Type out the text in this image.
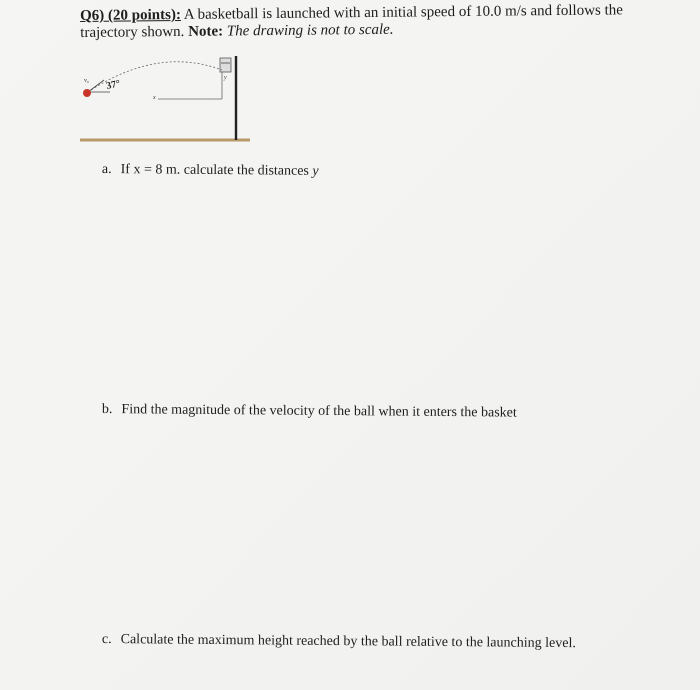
Q6) (20 points): A basketball is launched with an initial speed of 10.0 m/s and follows the trajectory shown. Note: The drawing is not to scale.
v₀ 37°
x
y
a. If x = 8 m. calculate the distances y
b. Find the magnitude of the velocity of the ball when it enters the basket
c. Calculate the maximum height reached by the ball relative to the launching level.
